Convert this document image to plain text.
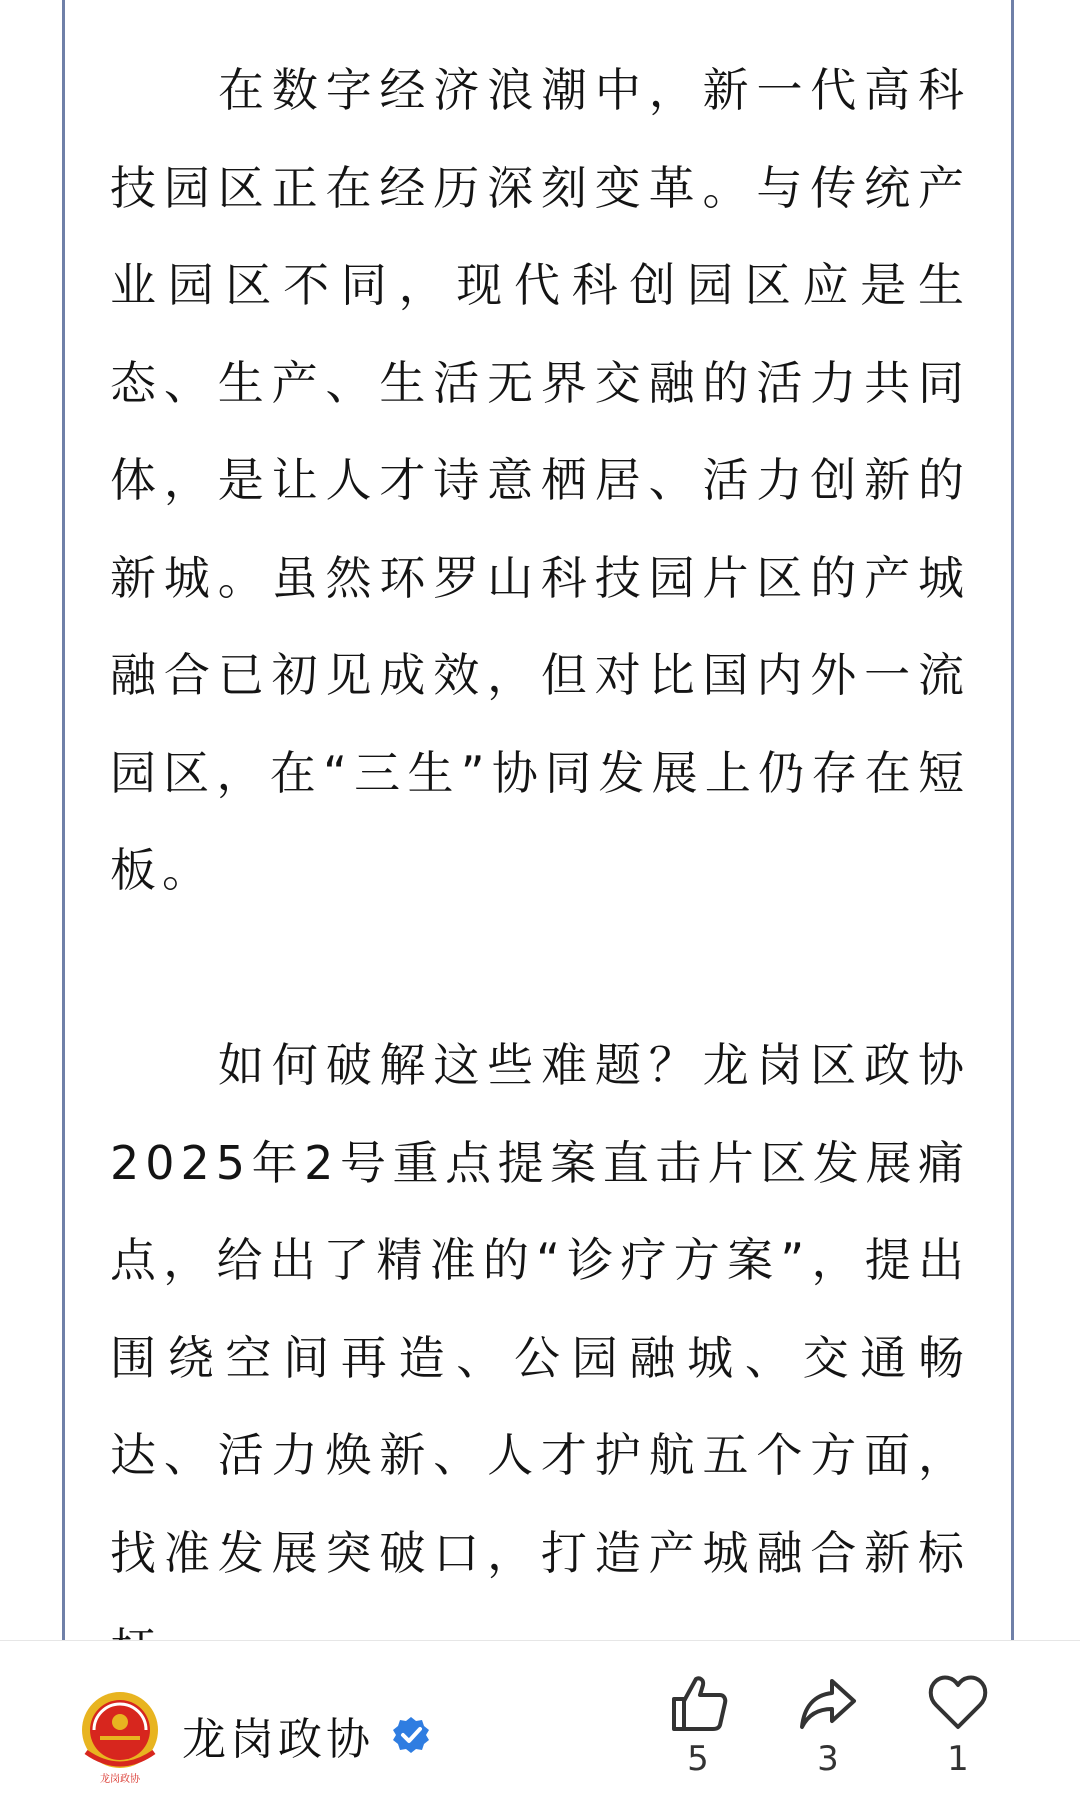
在数字经济浪潮中，新一代高科技园区正在经历深刻变革。与传统产业园区不同，现代科创园区应是生态、生产、生活无界交融的活力共同体，是让人才诗意栖居、活力创新的新城。虽然环罗山科技园片区的产城融合已初见成效，但对比国内外一流园区，在“三生”协同发展上仍存在短板。

如何破解这些难题？龙岗区政协2025年2号重点提案直击片区发展痛点，给出了精准的“诊疗方案”，提出围绕空间再造、公园融城、交通畅达、活力焕新、人才护航五个方面，找准发展突破口，打造产城融合新标

龙岗政协
龙岗政协	5	3	1
